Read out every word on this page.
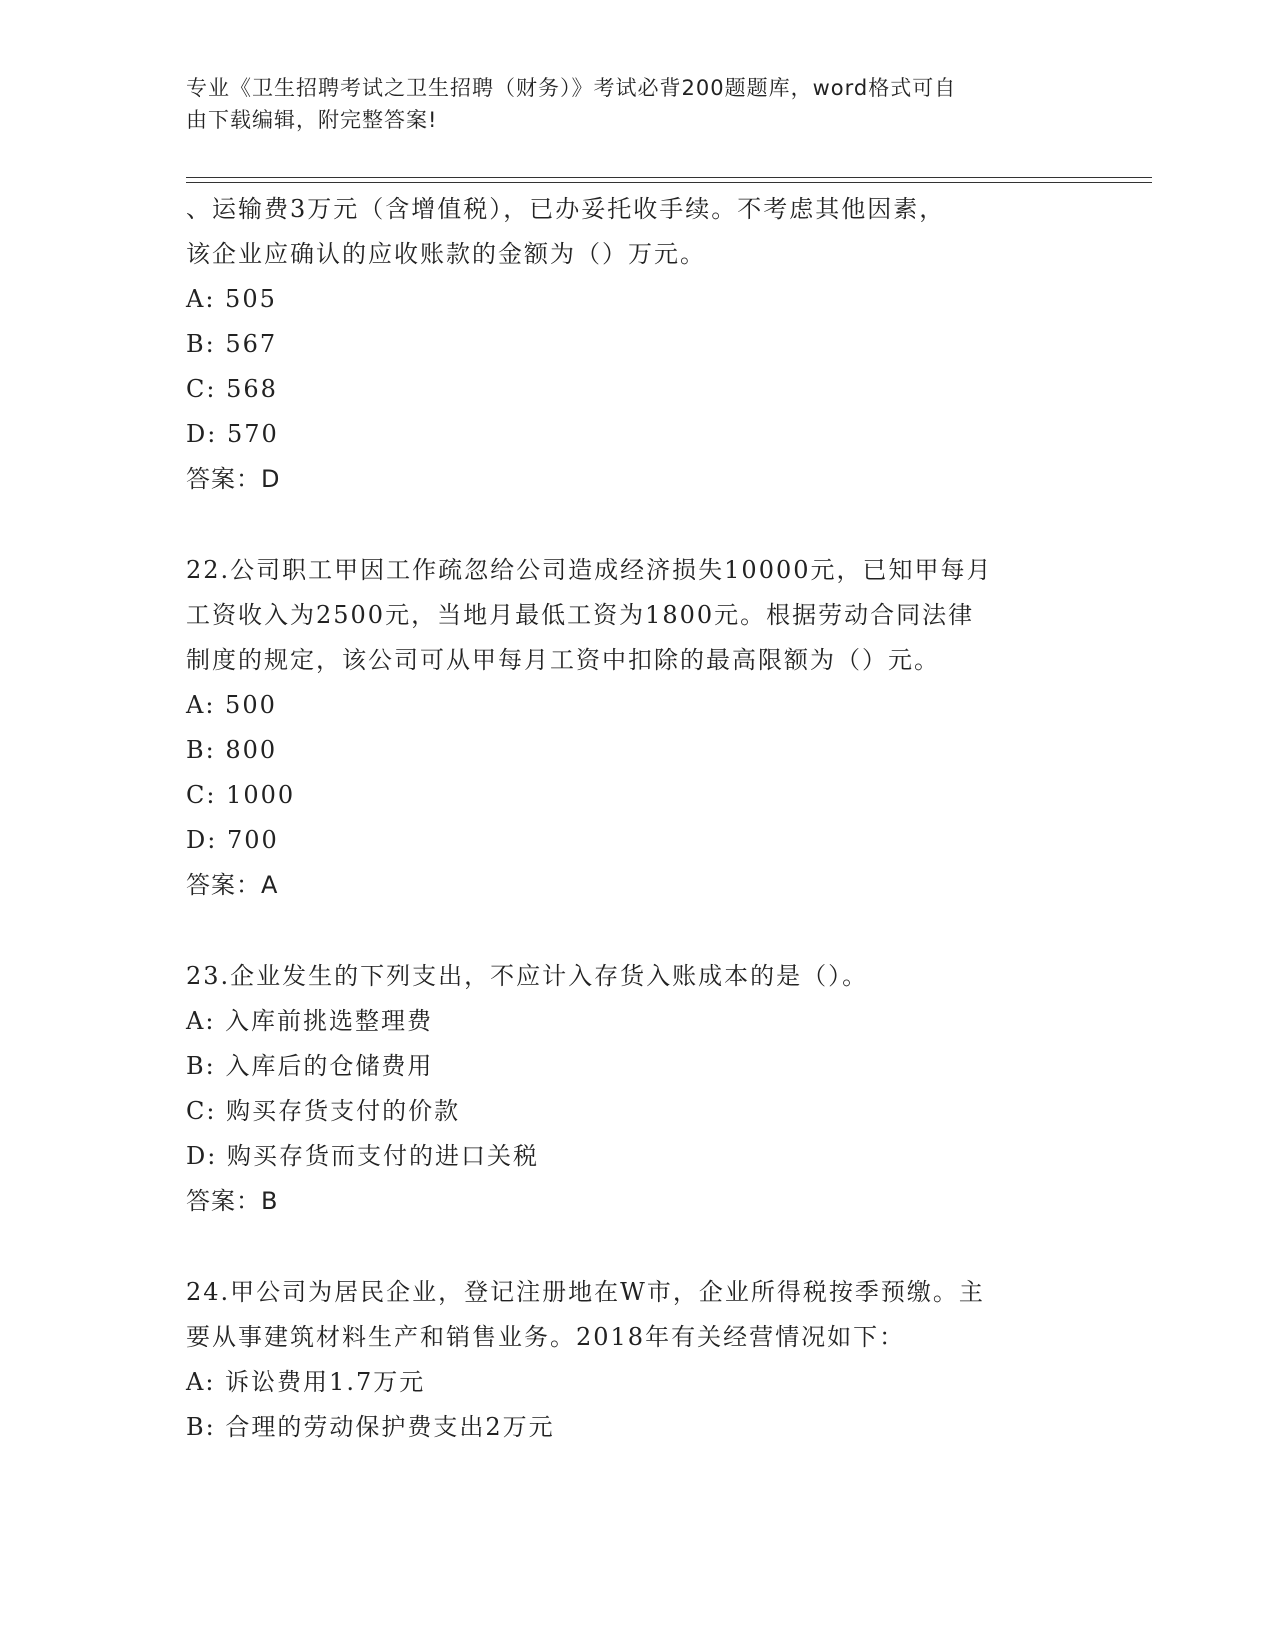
专业《卫生招聘考试之卫生招聘（财务）》考试必背200题题库，word格式可自
由下载编辑，附完整答案!
、运输费3万元（含增值税），已办妥托收手续。不考虑其他因素，
该企业应确认的应收账款的金额为（）万元。
A: 505
B: 567
C: 568
D: 570
答案：D
22.公司职工甲因工作疏忽给公司造成经济损失10000元，已知甲每月
工资收入为2500元，当地月最低工资为1800元。根据劳动合同法律
制度的规定，该公司可从甲每月工资中扣除的最高限额为（）元。
A: 500
B: 800
C: 1000
D: 700
答案：A
23.企业发生的下列支出，不应计入存货入账成本的是（）。
A: 入库前挑选整理费
B: 入库后的仓储费用
C: 购买存货支付的价款
D: 购买存货而支付的进口关税
答案：B
24.甲公司为居民企业，登记注册地在W市，企业所得税按季预缴。主
要从事建筑材料生产和销售业务。2018年有关经营情况如下：
A: 诉讼费用1.7万元
B: 合理的劳动保护费支出2万元
